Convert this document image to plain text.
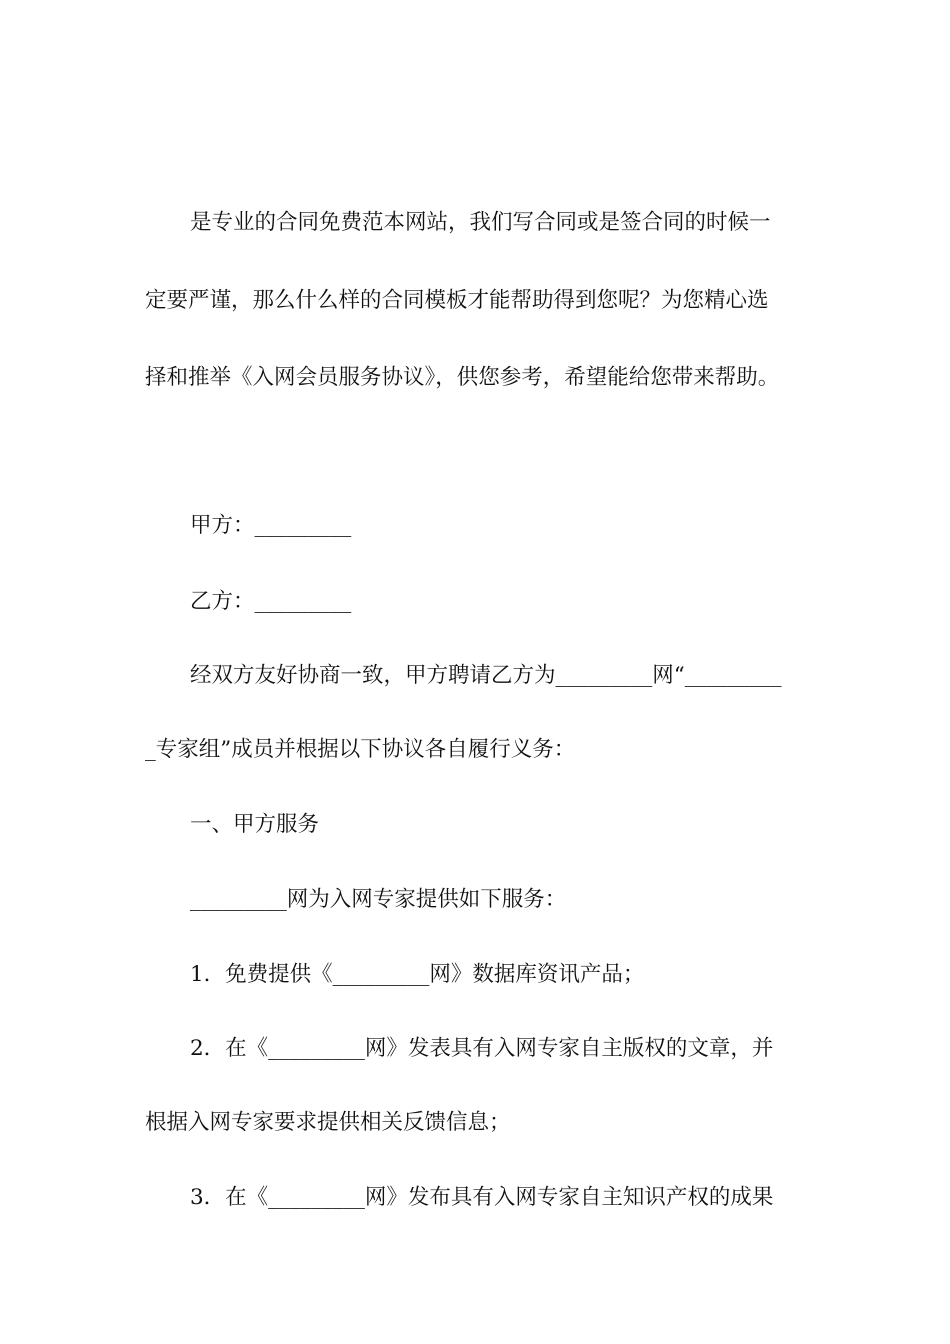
是专业的合同免费范本网站，我们写合同或是签合同的时候一
定要严谨，那么什么样的合同模板才能帮助得到您呢？为您精心选
择和推举《入网会员服务协议》，供您参考，希望能给您带来帮助。
甲方：_________
乙方：_________
经双方友好协商一致，甲方聘请乙方为_________网“_________
_专家组”成员并根据以下协议各自履行义务：
一、甲方服务
_________网为入网专家提供如下服务：
1．免费提供《_________网》数据库资讯产品；
2．在《_________网》发表具有入网专家自主版权的文章，并
根据入网专家要求提供相关反馈信息；
3．在《_________网》发布具有入网专家自主知识产权的成果
